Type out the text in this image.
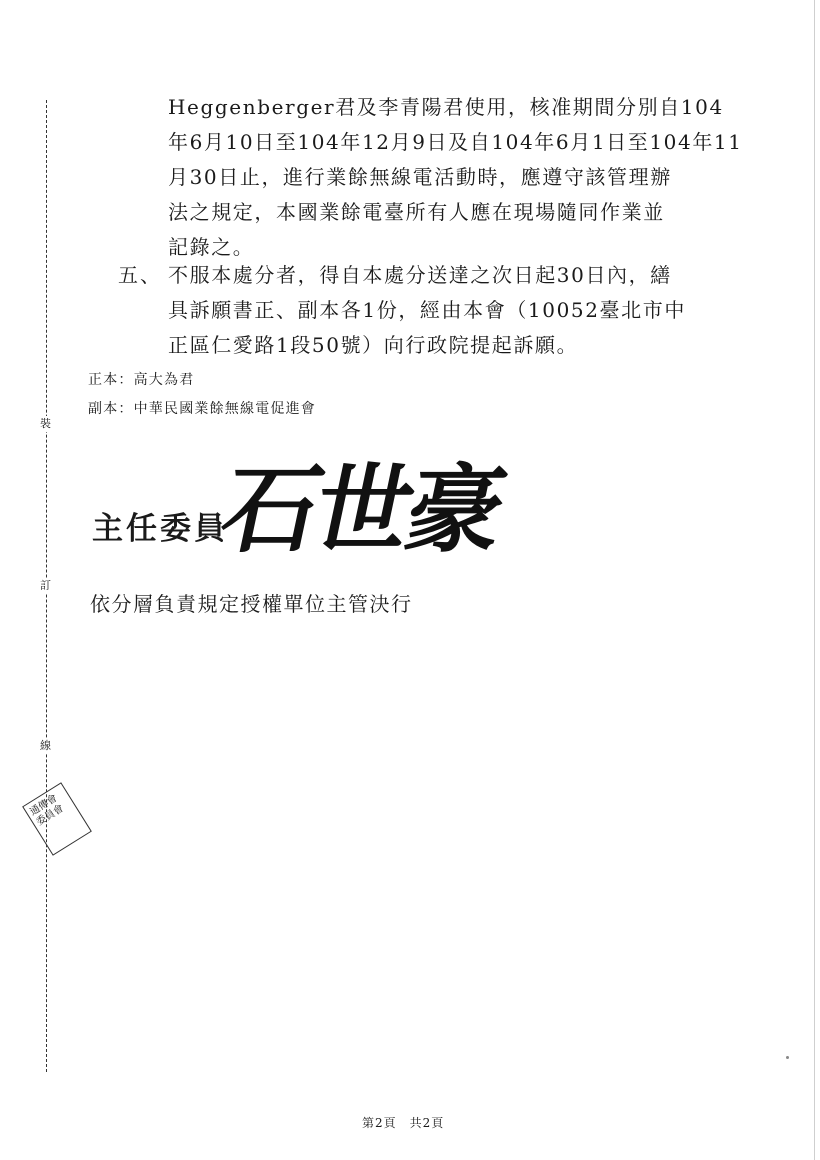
裝
訂
線
Heggenberger君及李青陽君使用，核准期間分別自104
年6月10日至104年12月9日及自104年6月1日至104年11
月30日止，進行業餘無線電活動時，應遵守該管理辦
法之規定，本國業餘電臺所有人應在現場隨同作業並
記錄之。
五、 不服本處分者，得自本處分送達之次日起30日內，繕
具訴願書正、副本各1份，經由本會（10052臺北市中
正區仁愛路1段50號）向行政院提起訴願。
正本：高大為君
副本：中華民國業餘無線電促進會
主任委員
石世豪
依分層負責規定授權單位主管決行
通傳會委員會
第2頁　共2頁
